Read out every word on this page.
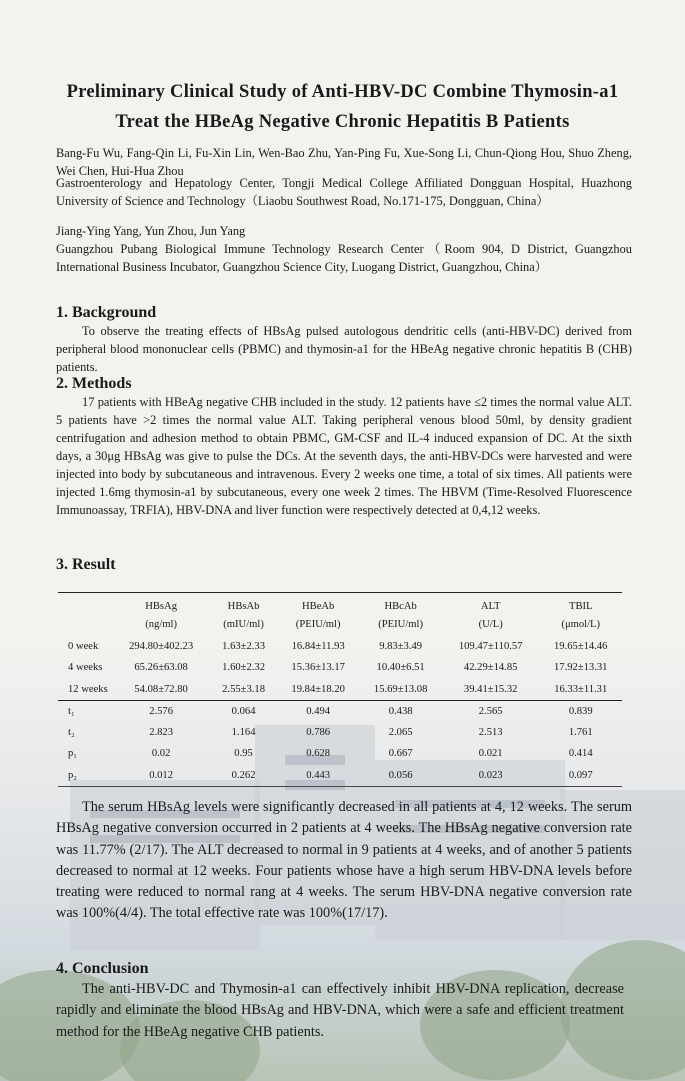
Preliminary Clinical Study of Anti-HBV-DC Combine Thymosin-a1
Treat the HBeAg Negative Chronic Hepatitis B Patients
Bang-Fu Wu, Fang-Qin Li, Fu-Xin Lin, Wen-Bao Zhu, Yan-Ping Fu, Xue-Song Li, Chun-Qiong Hou, Shuo Zheng, Wei Chen, Hui-Hua Zhou
Gastroenterology and Hepatology Center, Tongji Medical College Affiliated Dongguan Hospital, Huazhong University of Science and Technology（Liaobu Southwest Road, No.171-175, Dongguan, China）
Jiang-Ying Yang, Yun Zhou, Jun Yang
Guangzhou Pubang Biological Immune Technology Research Center（Room 904, D District, Guangzhou International Business Incubator, Guangzhou Science City, Luogang District, Guangzhou, China）
1. Background
To observe the treating effects of HBsAg pulsed autologous dendritic cells (anti-HBV-DC) derived from peripheral blood mononuclear cells (PBMC) and thymosin-a1 for the HBeAg negative chronic hepatitis B (CHB) patients.
2. Methods
17 patients with HBeAg negative CHB included in the study. 12 patients have ≤2 times the normal value ALT. 5 patients have >2 times the normal value ALT. Taking peripheral venous blood 50ml, by density gradient centrifugation and adhesion method to obtain PBMC, GM-CSF and IL-4 induced expansion of DC. At the sixth days, a 30μg HBsAg was give to pulse the DCs. At the seventh days, the anti-HBV-DCs were harvested and were injected into body by subcutaneous and intravenous. Every 2 weeks one time, a total of six times. All patients were injected 1.6mg thymosin-a1 by subcutaneous, every one week 2 times. The HBVM (Time-Resolved Fluorescence Immunoassay, TRFIA), HBV-DNA and liver function were respectively detected at 0,4,12 weeks.
3. Result
	HBsAg	HBsAb	HBeAb	HBcAb	ALT	TBIL
	(ng/ml)	(mIU/ml)	(PEIU/ml)	(PEIU/ml)	(U/L)	(μmol/L)
0 week	294.80±402.23	1.63±2.33	16.84±11.93	9.83±3.49	109.47±110.57	19.65±14.46
4 weeks	65.26±63.08	1.60±2.32	15.36±13.17	10.40±6.51	42.29±14.85	17.92±13.31
12 weeks	54.08±72.80	2.55±3.18	19.84±18.20	15.69±13.08	39.41±15.32	16.33±11.31
t₁	2.576	0.064	0.494	0.438	2.565	0.839
t₂	2.823	1.164	0.786	2.065	2.513	1.761
p₁	0.02	0.95	0.628	0.667	0.021	0.414
p₂	0.012	0.262	0.443	0.056	0.023	0.097
The serum HBsAg levels were significantly decreased in all patients at 4, 12 weeks. The serum HBsAg negative conversion occurred in 2 patients at 4 weeks. The HBsAg negative conversion rate was 11.77% (2/17). The ALT decreased to normal in 9 patients at 4 weeks, and of another 5 patients decreased to normal at 12 weeks. Four patients whose have a high serum HBV-DNA levels before treating were reduced to normal rang at 4 weeks. The serum HBV-DNA negative conversion rate was 100%(4/4). The total effective rate was 100%(17/17).
4. Conclusion
The anti-HBV-DC and Thymosin-a1 can effectively inhibit HBV-DNA replication, decrease rapidly and eliminate the blood HBsAg and HBV-DNA, which were a safe and efficient treatment method for the HBeAg negative CHB patients.
